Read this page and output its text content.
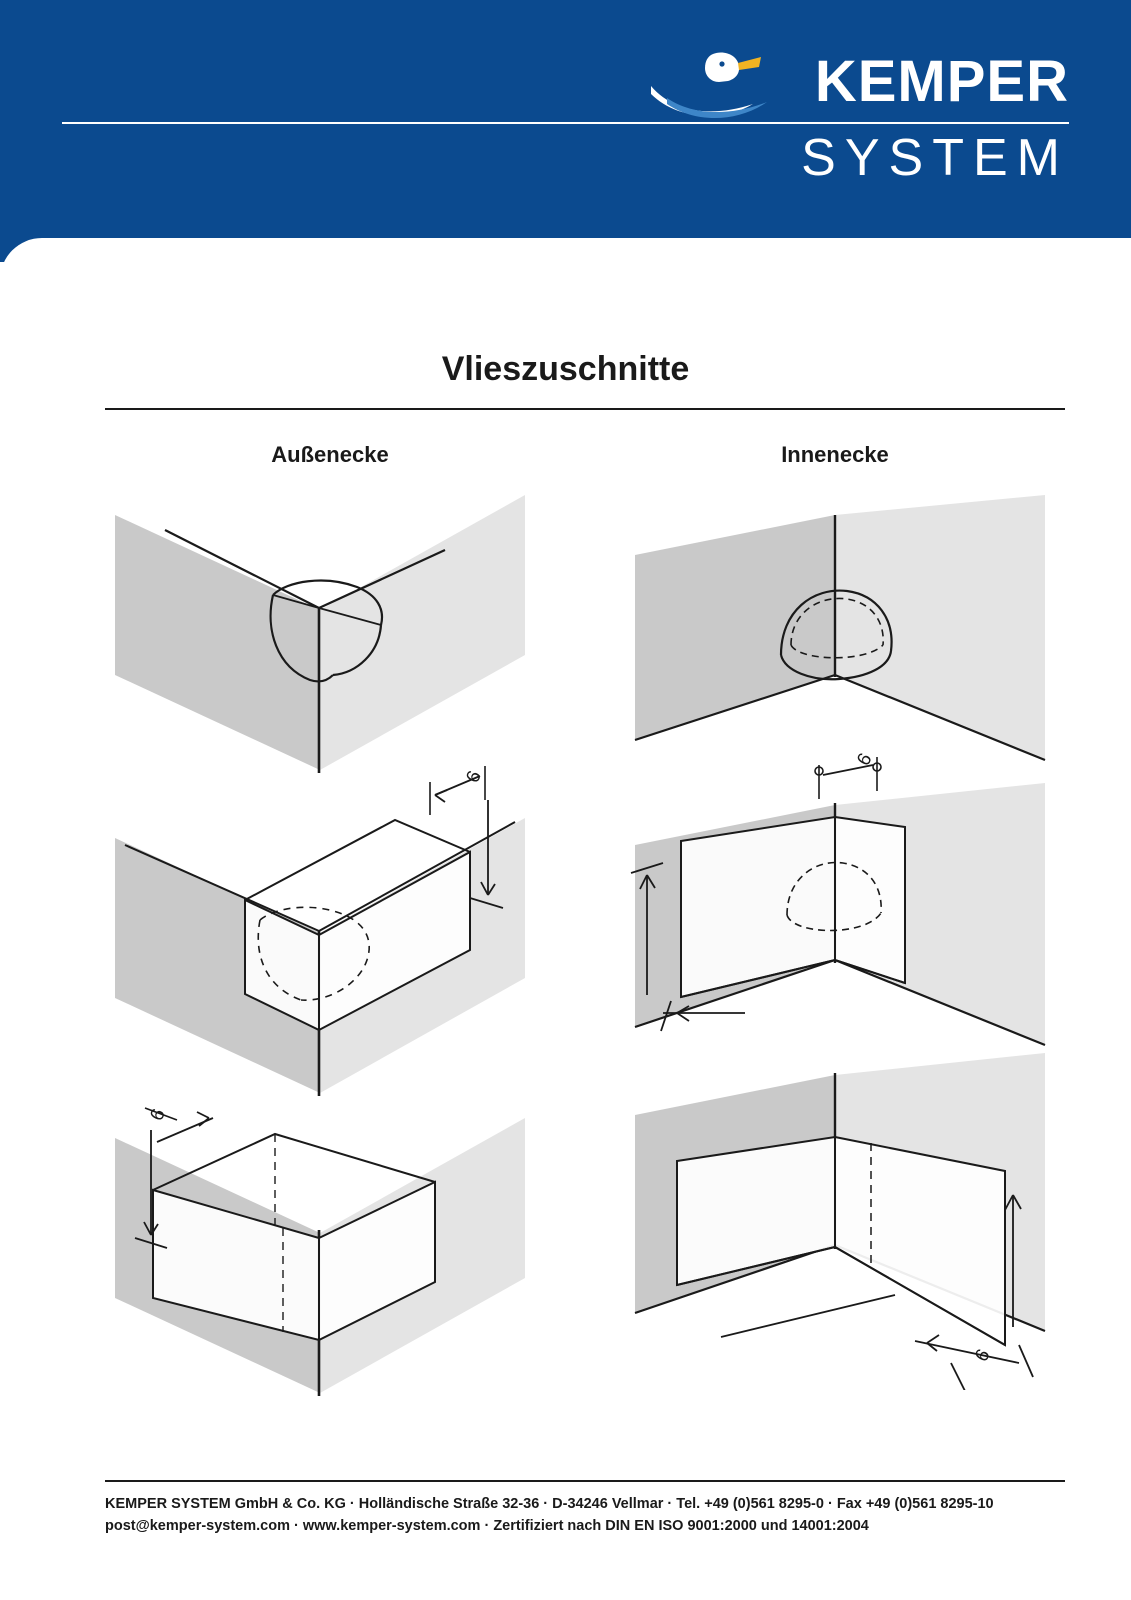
KEMPER
SYSTEM
Vlieszuschnitte
Außenecke	Innenecke
6
6
6
6
KEMPER SYSTEM GmbH & Co. KG · Holländische Straße 32-36 · D-34246 Vellmar · Tel. +49 (0)561 8295-0 · Fax +49 (0)561 8295-10
post@kemper-system.com · www.kemper-system.com · Zertifiziert nach DIN EN ISO 9001:2000 und 14001:2004
